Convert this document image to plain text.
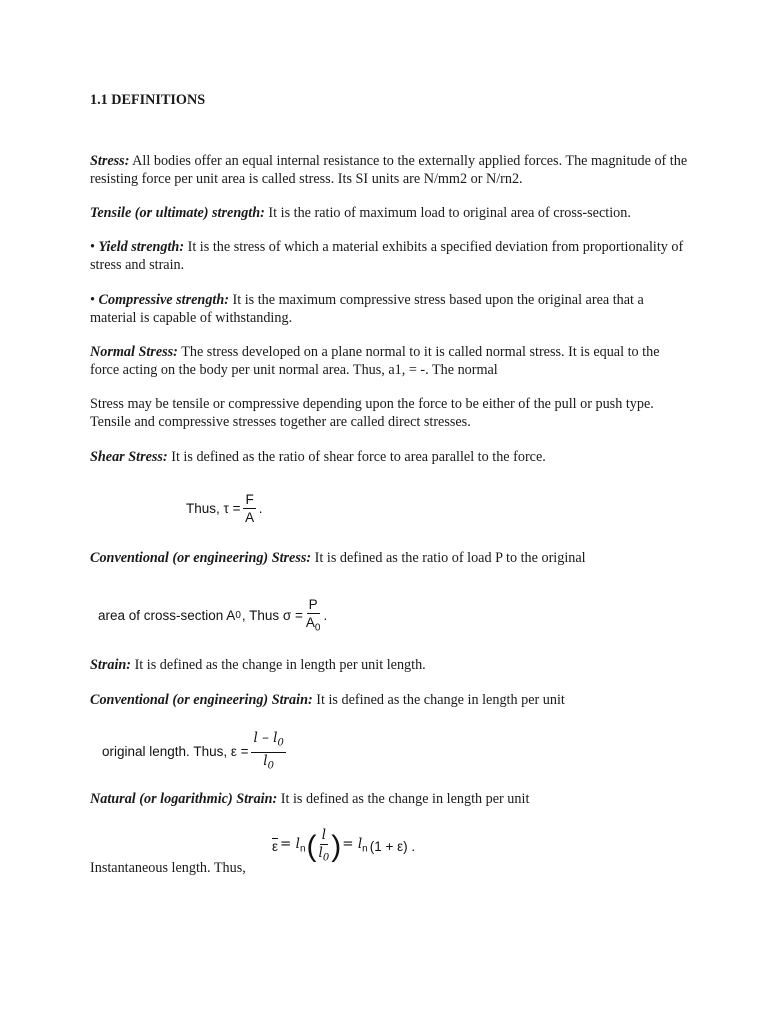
1.1 DEFINITIONS

Stress: All bodies offer an equal internal resistance to the externally applied forces. The magnitude of the resisting force per unit area is called stress. Its SI units are N/mm2 or N/rn2.

Tensile (or ultimate) strength: It is the ratio of maximum load to original area of cross-section.

• Yield strength: It is the stress of which a material exhibits a specified deviation from proportionality of stress and strain.

• Compressive strength: It is the maximum compressive stress based upon the original area that a material is capable of withstanding.

Normal Stress: The stress developed on a plane normal to it is called normal stress. It is equal to the force acting on the body per unit normal area. Thus, a1, = -. The normal

Stress may be tensile or compressive depending upon the force to be either of the pull or push type. Tensile and compressive stresses together are called direct stresses.

Shear Stress: It is defined as the ratio of shear force to area parallel to the force.

Thus, $\tau = \frac{F}{A}$ .

Conventional (or engineering) Stress: It is defined as the ratio of load P to the original

area of cross-section A 0 , Thus $\sigma = \frac{P}{A_0}$ .

Strain: It is defined as the change in length per unit length.

Conventional (or engineering) Strain: It is defined as the change in length per unit

original length. Thus, $\varepsilon = \frac{l - l_0}{l_0}$

Natural (or logarithmic) Strain: It is defined as the change in length per unit

$\overline{\varepsilon} = l_n$ ( $\frac{l}{l_0}$ ) = $l_n$ (1 + ε) .

Instantaneous length. Thus,
